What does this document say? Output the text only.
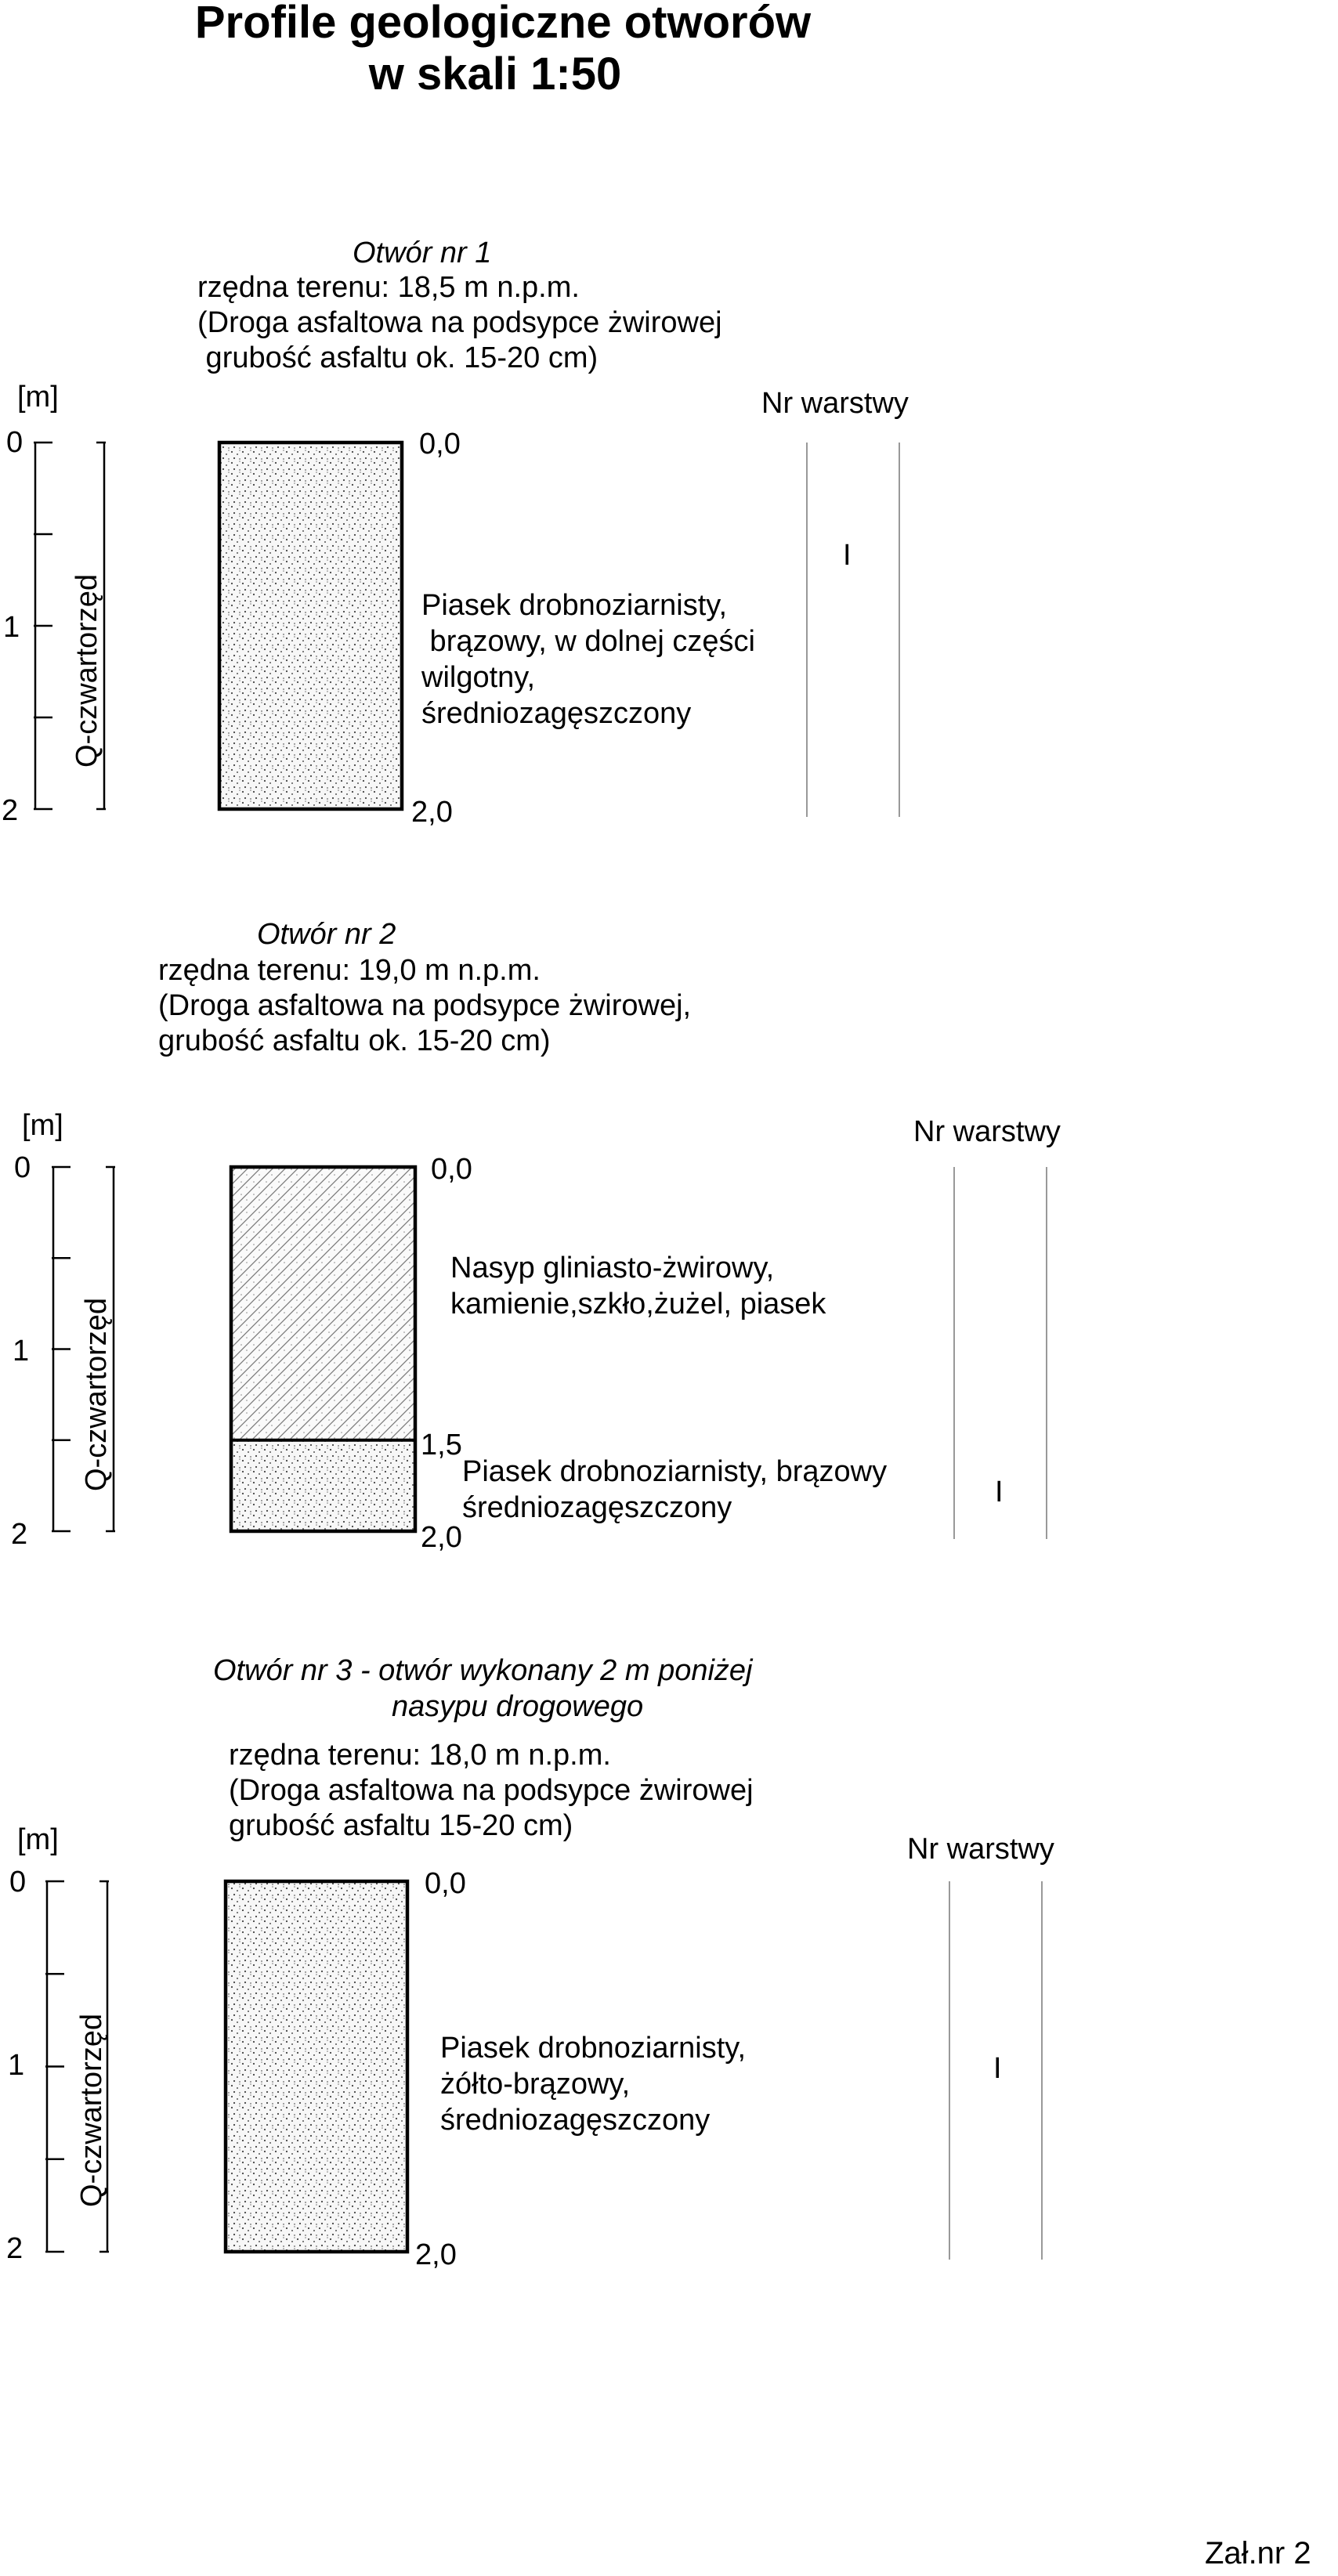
Profile geologiczne otworów
w skali 1:50
Otwór nr 1
rzędna terenu: 18,5 m n.p.m.
(Droga asfaltowa na podsypce żwirowej
grubość asfaltu ok. 15-20 cm)
[m]	Nr warstwy
0
1
2
Q-czwartorzęd
0,0
2,0
Piasek drobnoziarnisty,
brązowy, w dolnej części
wilgotny,
średniozagęszczony
I
Otwór nr 2
rzędna terenu: 19,0 m n.p.m.
(Droga asfaltowa na podsypce żwirowej,
grubość asfaltu ok. 15-20 cm)
[m]	Nr warstwy
0
1
2
Q-czwartorzęd
0,0
1,5
2,0
Nasyp gliniasto-żwirowy,
kamienie,szkło,żużel, piasek
Piasek drobnoziarnisty, brązowy
średniozagęszczony	I
Otwór nr 3 - otwór wykonany 2 m poniżej
nasypu drogowego
rzędna terenu: 18,0 m n.p.m.
(Droga asfaltowa na podsypce żwirowej
grubość asfaltu 15-20 cm)
[m]	Nr warstwy
0
1
2
Q-czwartorzęd
0,0
2,0
Piasek drobnoziarnisty,
żółto-brązowy,
średniozagęszczony
I
Zał.nr 2
